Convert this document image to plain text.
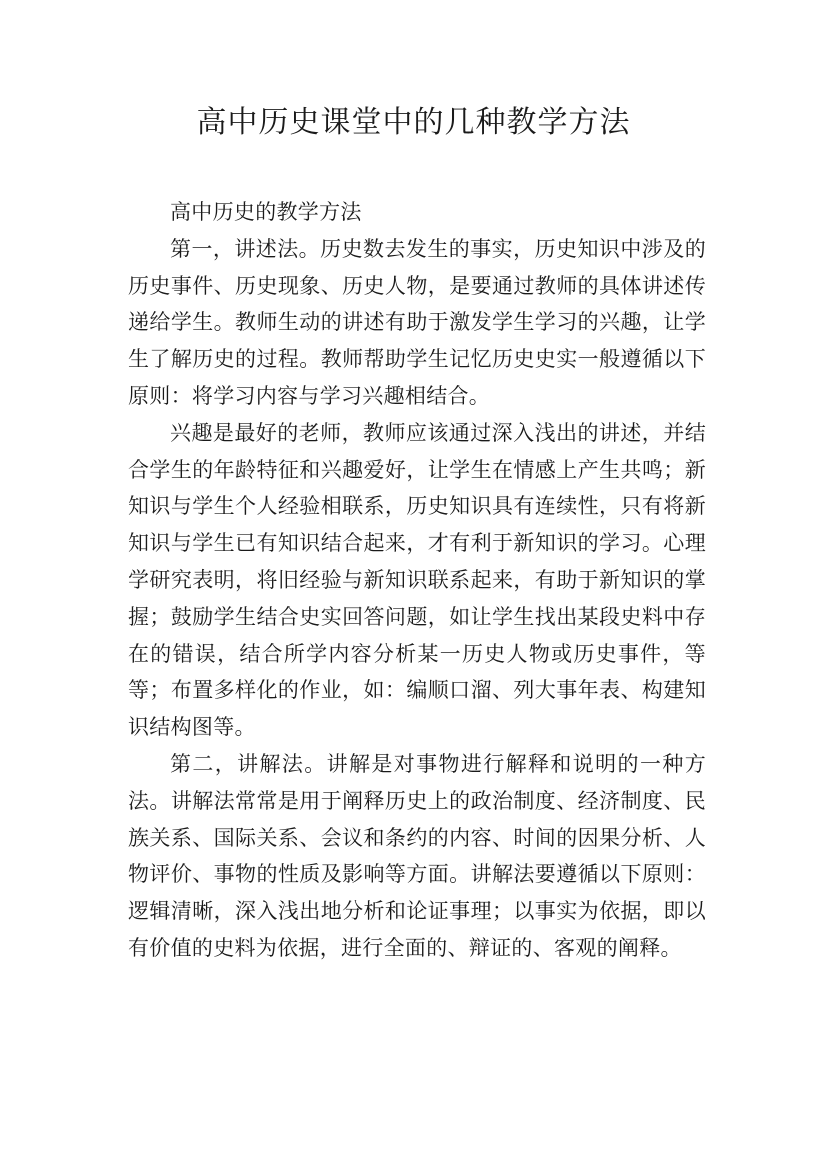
高中历史课堂中的几种教学方法

高中历史的教学方法

第一，讲述法。历史数去发生的事实，历史知识中涉及的历史事件、历史现象、历史人物，是要通过教师的具体讲述传递给学生。教师生动的讲述有助于激发学生学习的兴趣，让学生了解历史的过程。教师帮助学生记忆历史史实一般遵循以下原则：将学习内容与学习兴趣相结合。

兴趣是最好的老师，教师应该通过深入浅出的讲述，并结合学生的年龄特征和兴趣爱好，让学生在情感上产生共鸣；新知识与学生个人经验相联系，历史知识具有连续性，只有将新知识与学生已有知识结合起来，才有利于新知识的学习。心理学研究表明，将旧经验与新知识联系起来，有助于新知识的掌握；鼓励学生结合史实回答问题，如让学生找出某段史料中存在的错误，结合所学内容分析某一历史人物或历史事件，等等；布置多样化的作业，如：编顺口溜、列大事年表、构建知识结构图等。

第二，讲解法。讲解是对事物进行解释和说明的一种方法。讲解法常常是用于阐释历史上的政治制度、经济制度、民族关系、国际关系、会议和条约的内容、时间的因果分析、人物评价、事物的性质及影响等方面。讲解法要遵循以下原则：逻辑清晰，深入浅出地分析和论证事理；以事实为依据，即以有价值的史料为依据，进行全面的、辩证的、客观的阐释。
